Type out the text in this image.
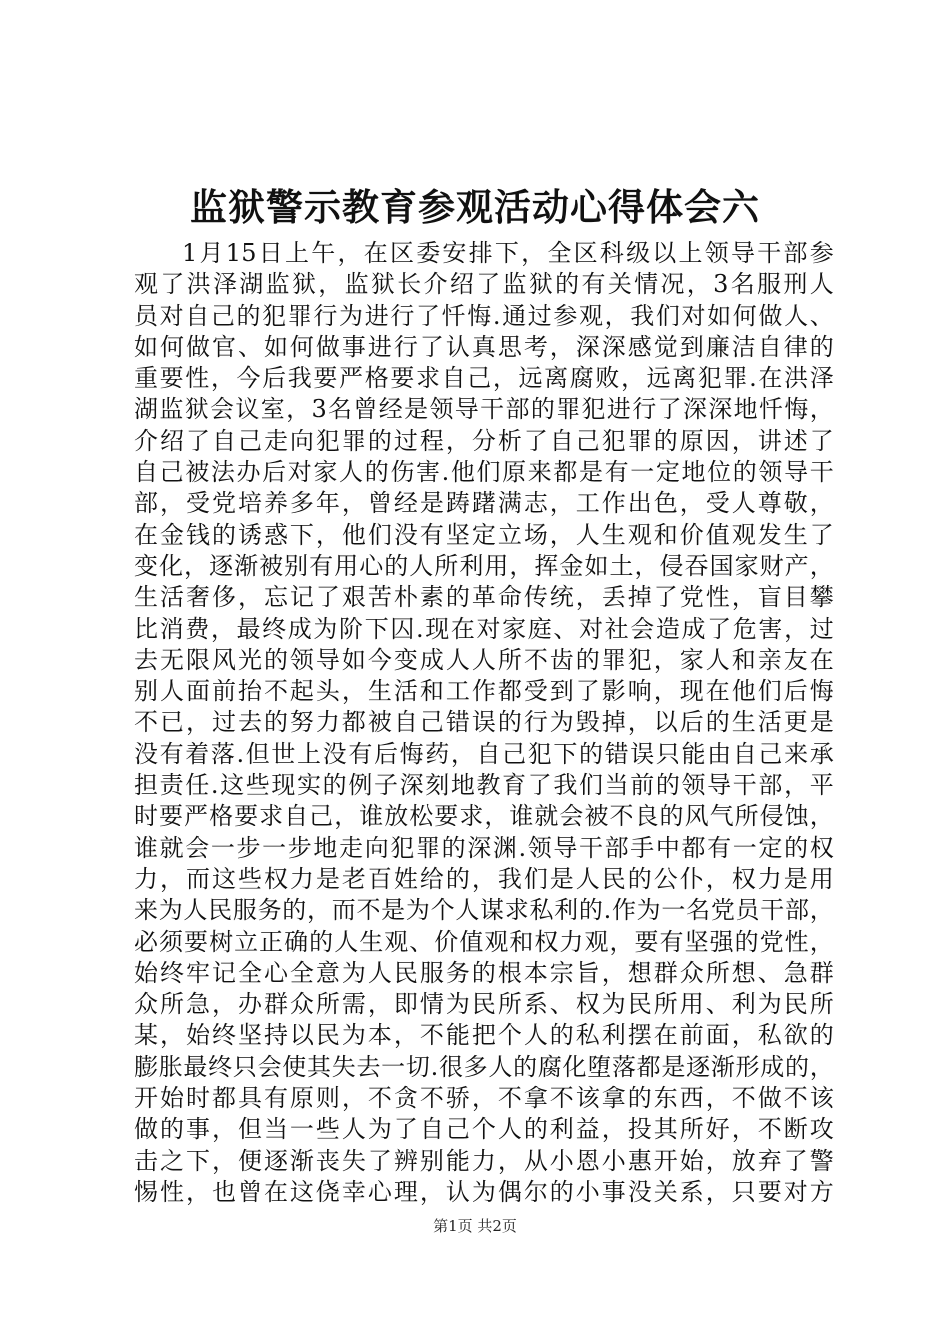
监狱警示教育参观活动心得体会六
1月15日上午，在区委安排下，全区科级以上领导干部参
观了洪泽湖监狱，监狱长介绍了监狱的有关情况，3名服刑人
员对自己的犯罪行为进行了忏悔.通过参观，我们对如何做人、
如何做官、如何做事进行了认真思考，深深感觉到廉洁自律的
重要性，今后我要严格要求自己，远离腐败，远离犯罪.在洪泽
湖监狱会议室，3名曾经是领导干部的罪犯进行了深深地忏悔，
介绍了自己走向犯罪的过程，分析了自己犯罪的原因，讲述了
自己被法办后对家人的伤害.他们原来都是有一定地位的领导干
部，受党培养多年，曾经是踌躇满志，工作出色，受人尊敬，
在金钱的诱惑下，他们没有坚定立场，人生观和价值观发生了
变化，逐渐被别有用心的人所利用，挥金如土，侵吞国家财产，
生活奢侈，忘记了艰苦朴素的革命传统，丢掉了党性，盲目攀
比消费，最终成为阶下囚.现在对家庭、对社会造成了危害，过
去无限风光的领导如今变成人人所不齿的罪犯，家人和亲友在
别人面前抬不起头，生活和工作都受到了影响，现在他们后悔
不已，过去的努力都被自己错误的行为毁掉，以后的生活更是
没有着落.但世上没有后悔药，自己犯下的错误只能由自己来承
担责任.这些现实的例子深刻地教育了我们当前的领导干部，平
时要严格要求自己，谁放松要求，谁就会被不良的风气所侵蚀，
谁就会一步一步地走向犯罪的深渊.领导干部手中都有一定的权
力，而这些权力是老百姓给的，我们是人民的公仆，权力是用
来为人民服务的，而不是为个人谋求私利的.作为一名党员干部，
必须要树立正确的人生观、价值观和权力观，要有坚强的党性，
始终牢记全心全意为人民服务的根本宗旨，想群众所想、急群
众所急，办群众所需，即情为民所系、权为民所用、利为民所
某，始终坚持以民为本，不能把个人的私利摆在前面，私欲的
膨胀最终只会使其失去一切.很多人的腐化堕落都是逐渐形成的，
开始时都具有原则，不贪不骄，不拿不该拿的东西，不做不该
做的事，但当一些人为了自己个人的利益，投其所好，不断攻
击之下，便逐渐丧失了辨别能力，从小恩小惠开始，放弃了警
惕性，也曾在这侥幸心理，认为偶尔的小事没关系，只要对方
第1页 共2页
